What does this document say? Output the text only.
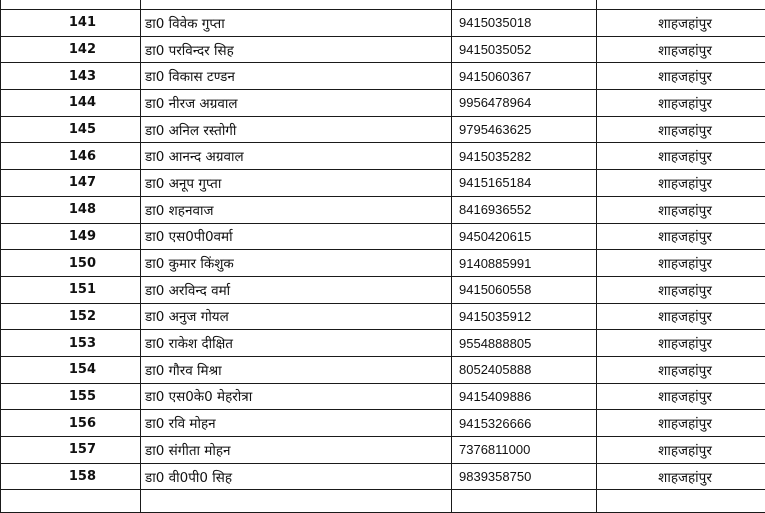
141	डा0 विवेक गुप्ता	9415035018	शाहजहांपुर
142	डा0 परविन्दर सिह	9415035052	शाहजहांपुर
143	डा0 विकास टण्डन	9415060367	शाहजहांपुर
144	डा0 नीरज अग्रवाल	9956478964	शाहजहांपुर
145	डा0 अनिल रस्तोगी	9795463625	शाहजहांपुर
146	डा0 आनन्द अग्रवाल	9415035282	शाहजहांपुर
147	डा0 अनूप गुप्ता	9415165184	शाहजहांपुर
148	डा0 शहनवाज	8416936552	शाहजहांपुर
149	डा0 एस0पी0वर्मा	9450420615	शाहजहांपुर
150	डा0 कुमार किंशुक	9140885991	शाहजहांपुर
151	डा0 अरविन्द वर्मा	9415060558	शाहजहांपुर
152	डा0 अनुज गोयल	9415035912	शाहजहांपुर
153	डा0 राकेश दीक्षित	9554888805	शाहजहांपुर
154	डा0 गौरव मिश्रा	8052405888	शाहजहांपुर
155	डा0 एस0के0 मेहरोत्रा	9415409886	शाहजहांपुर
156	डा0 रवि मोहन	9415326666	शाहजहांपुर
157	डा0 संगीता मोहन	7376811000	शाहजहांपुर
158	डा0 वी0पी0 सिह	9839358750	शाहजहांपुर
